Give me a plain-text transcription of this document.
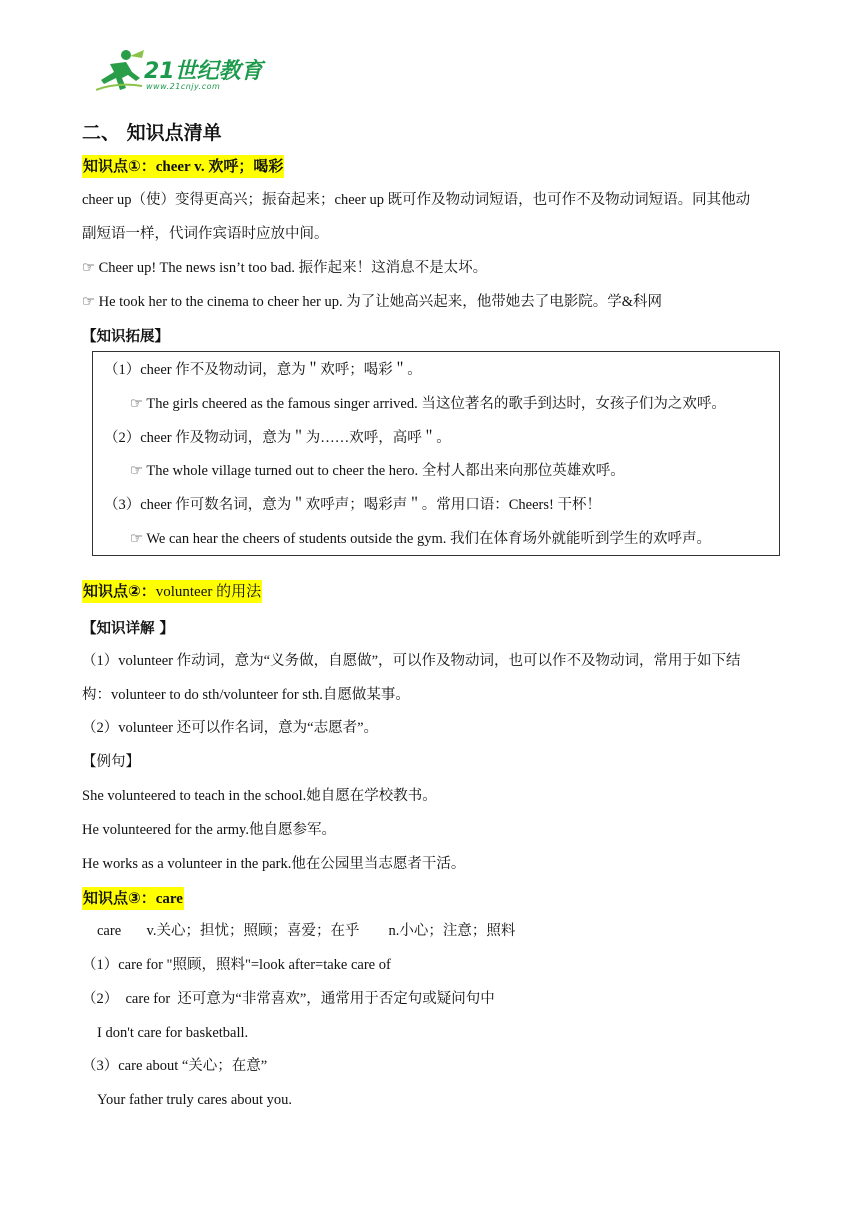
21世纪教育
www.21cnjy.com
二、 知识点清单
知识点①：cheer v. 欢呼；喝彩
cheer up（使）变得更高兴；振奋起来；cheer up 既可作及物动词短语，也可作不及物动词短语。同其他动
副短语一样，代词作宾语时应放中间。
☞ Cheer up! The news isn’t too bad. 振作起来！这消息不是太坏。
☞ He took her to the cinema to cheer her up. 为了让她高兴起来，他带她去了电影院。学&科网
【知识拓展】
（1）cheer 作不及物动词，意为＂欢呼；喝彩＂。
☞ The girls cheered as the famous singer arrived. 当这位著名的歌手到达时，女孩子们为之欢呼。
（2）cheer 作及物动词，意为＂为……欢呼，高呼＂。
☞ The whole village turned out to cheer the hero. 全村人都出来向那位英雄欢呼。
（3）cheer 作可数名词，意为＂欢呼声；喝彩声＂。常用口语：Cheers! 干杯！
☞ We can hear the cheers of students outside the gym. 我们在体育场外就能听到学生的欢呼声。
知识点②：volunteer 的用法
【知识详解 】
（1）volunteer 作动词，意为“义务做，自愿做”，可以作及物动词，也可以作不及物动词，常用于如下结
构：volunteer to do sth/volunteer for sth.自愿做某事。
（2）volunteer 还可以作名词，意为“志愿者”。
【例句】
She volunteered to teach in the school.她自愿在学校教书。
He volunteered for the army.他自愿参军。
He works as a volunteer in the park.他在公园里当志愿者干活。
知识点③：care
care       v.关心；担忧；照顾；喜爱；在乎        n.小心；注意；照料
（1）care for "照顾，照料"=look after=take care of
（2）  care for  还可意为“非常喜欢”，通常用于否定句或疑问句中
I don't care for basketball.
（3）care about “关心；在意”
Your father truly cares about you.
